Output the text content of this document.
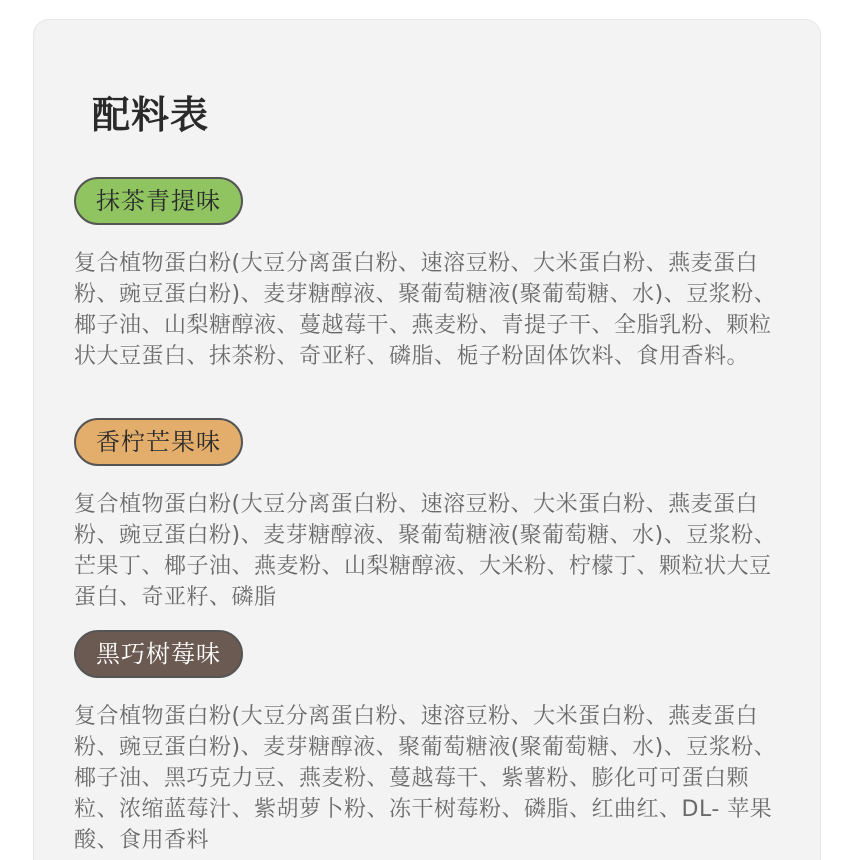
配料表
抹茶青提味

复合植物蛋白粉(大豆分离蛋白粉、速溶豆粉、大米蛋白粉、燕麦蛋白粉、豌豆蛋白粉)、麦芽糖醇液、聚葡萄糖液(聚葡萄糖、水)、豆浆粉、椰子油、山梨糖醇液、蔓越莓干、燕麦粉、青提子干、全脂乳粉、颗粒状大豆蛋白、抹茶粉、奇亚籽、磷脂、栀子粉固体饮料、食用香料。

香柠芒果味

复合植物蛋白粉(大豆分离蛋白粉、速溶豆粉、大米蛋白粉、燕麦蛋白粉、豌豆蛋白粉)、麦芽糖醇液、聚葡萄糖液(聚葡萄糖、水)、豆浆粉、芒果丁、椰子油、燕麦粉、山梨糖醇液、大米粉、柠檬丁、颗粒状大豆蛋白、奇亚籽、磷脂

黑巧树莓味

复合植物蛋白粉(大豆分离蛋白粉、速溶豆粉、大米蛋白粉、燕麦蛋白粉、豌豆蛋白粉)、麦芽糖醇液、聚葡萄糖液(聚葡萄糖、水)、豆浆粉、椰子油、黑巧克力豆、燕麦粉、蔓越莓干、紫薯粉、膨化可可蛋白颗粒、浓缩蓝莓汁、紫胡萝卜粉、冻干树莓粉、磷脂、红曲红、DL- 苹果酸、食用香料
